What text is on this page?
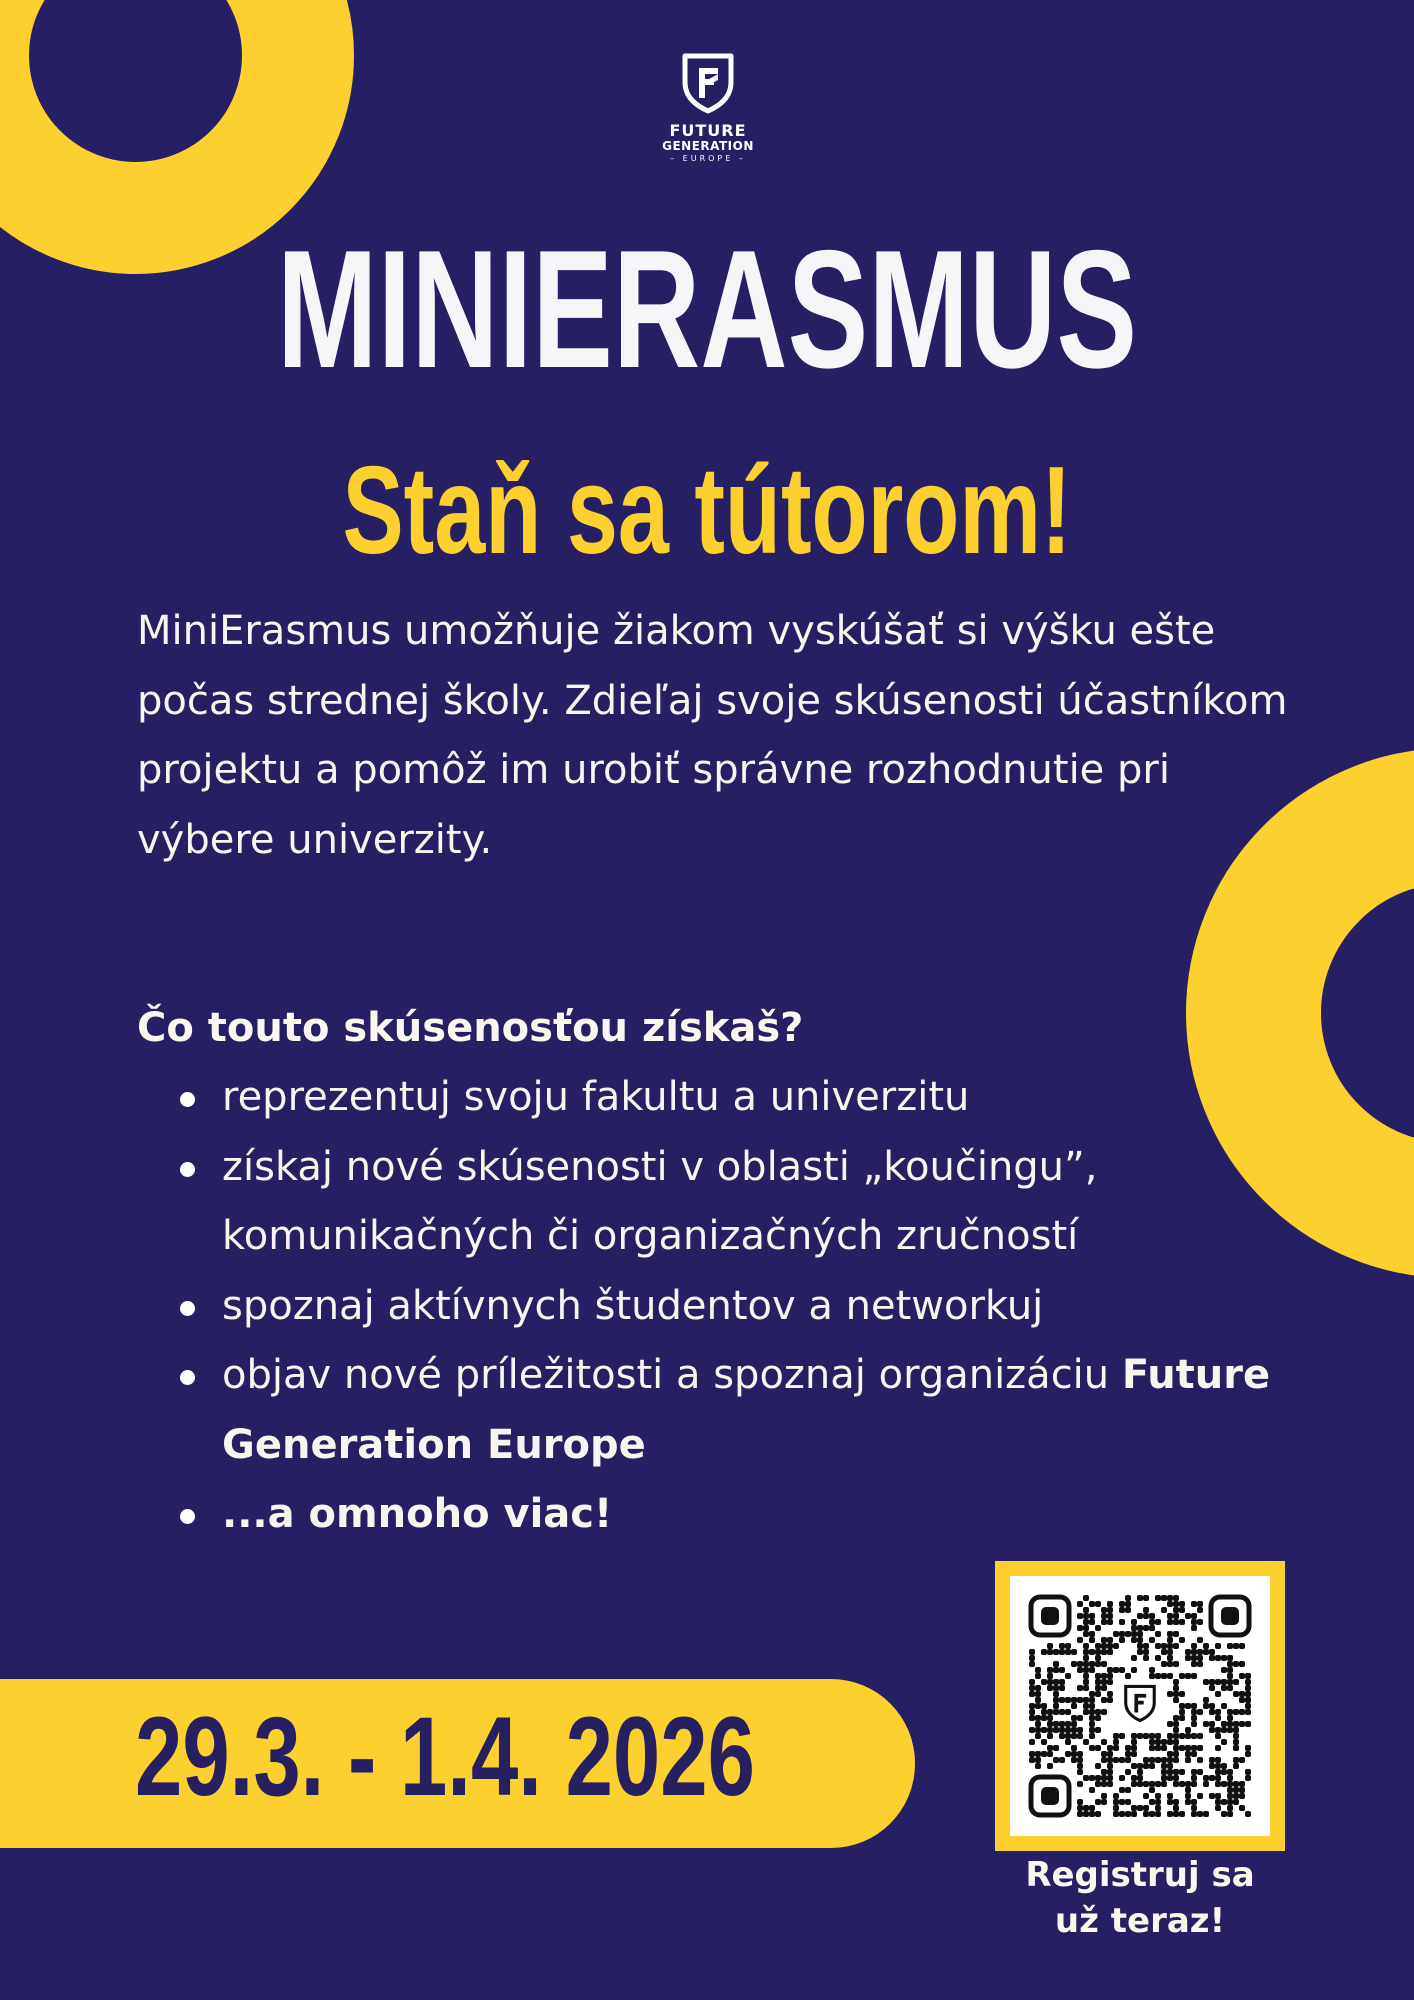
FUTURE
GENERATION
– EUROPE –
MINIERASMUS
Staň sa tútorom!
MiniErasmus umožňuje žiakom vyskúšať si výšku ešte počas strednej školy. Zdieľaj svoje skúsenosti účastníkom projektu a pomôž im urobiť správne rozhodnutie pri výbere univerzity.
Čo touto skúsenosťou získaš?
reprezentuj svoju fakultu a univerzitu
získaj nové skúsenosti v oblasti „koučingu”, komunikačných či organizačných zručností
spoznaj aktívnych študentov a networkuj
objav nové príležitosti a spoznaj organizáciu Future Generation Europe
...a omnoho viac!
29.3. - 1.4. 2026
Registruj sa
už teraz!
